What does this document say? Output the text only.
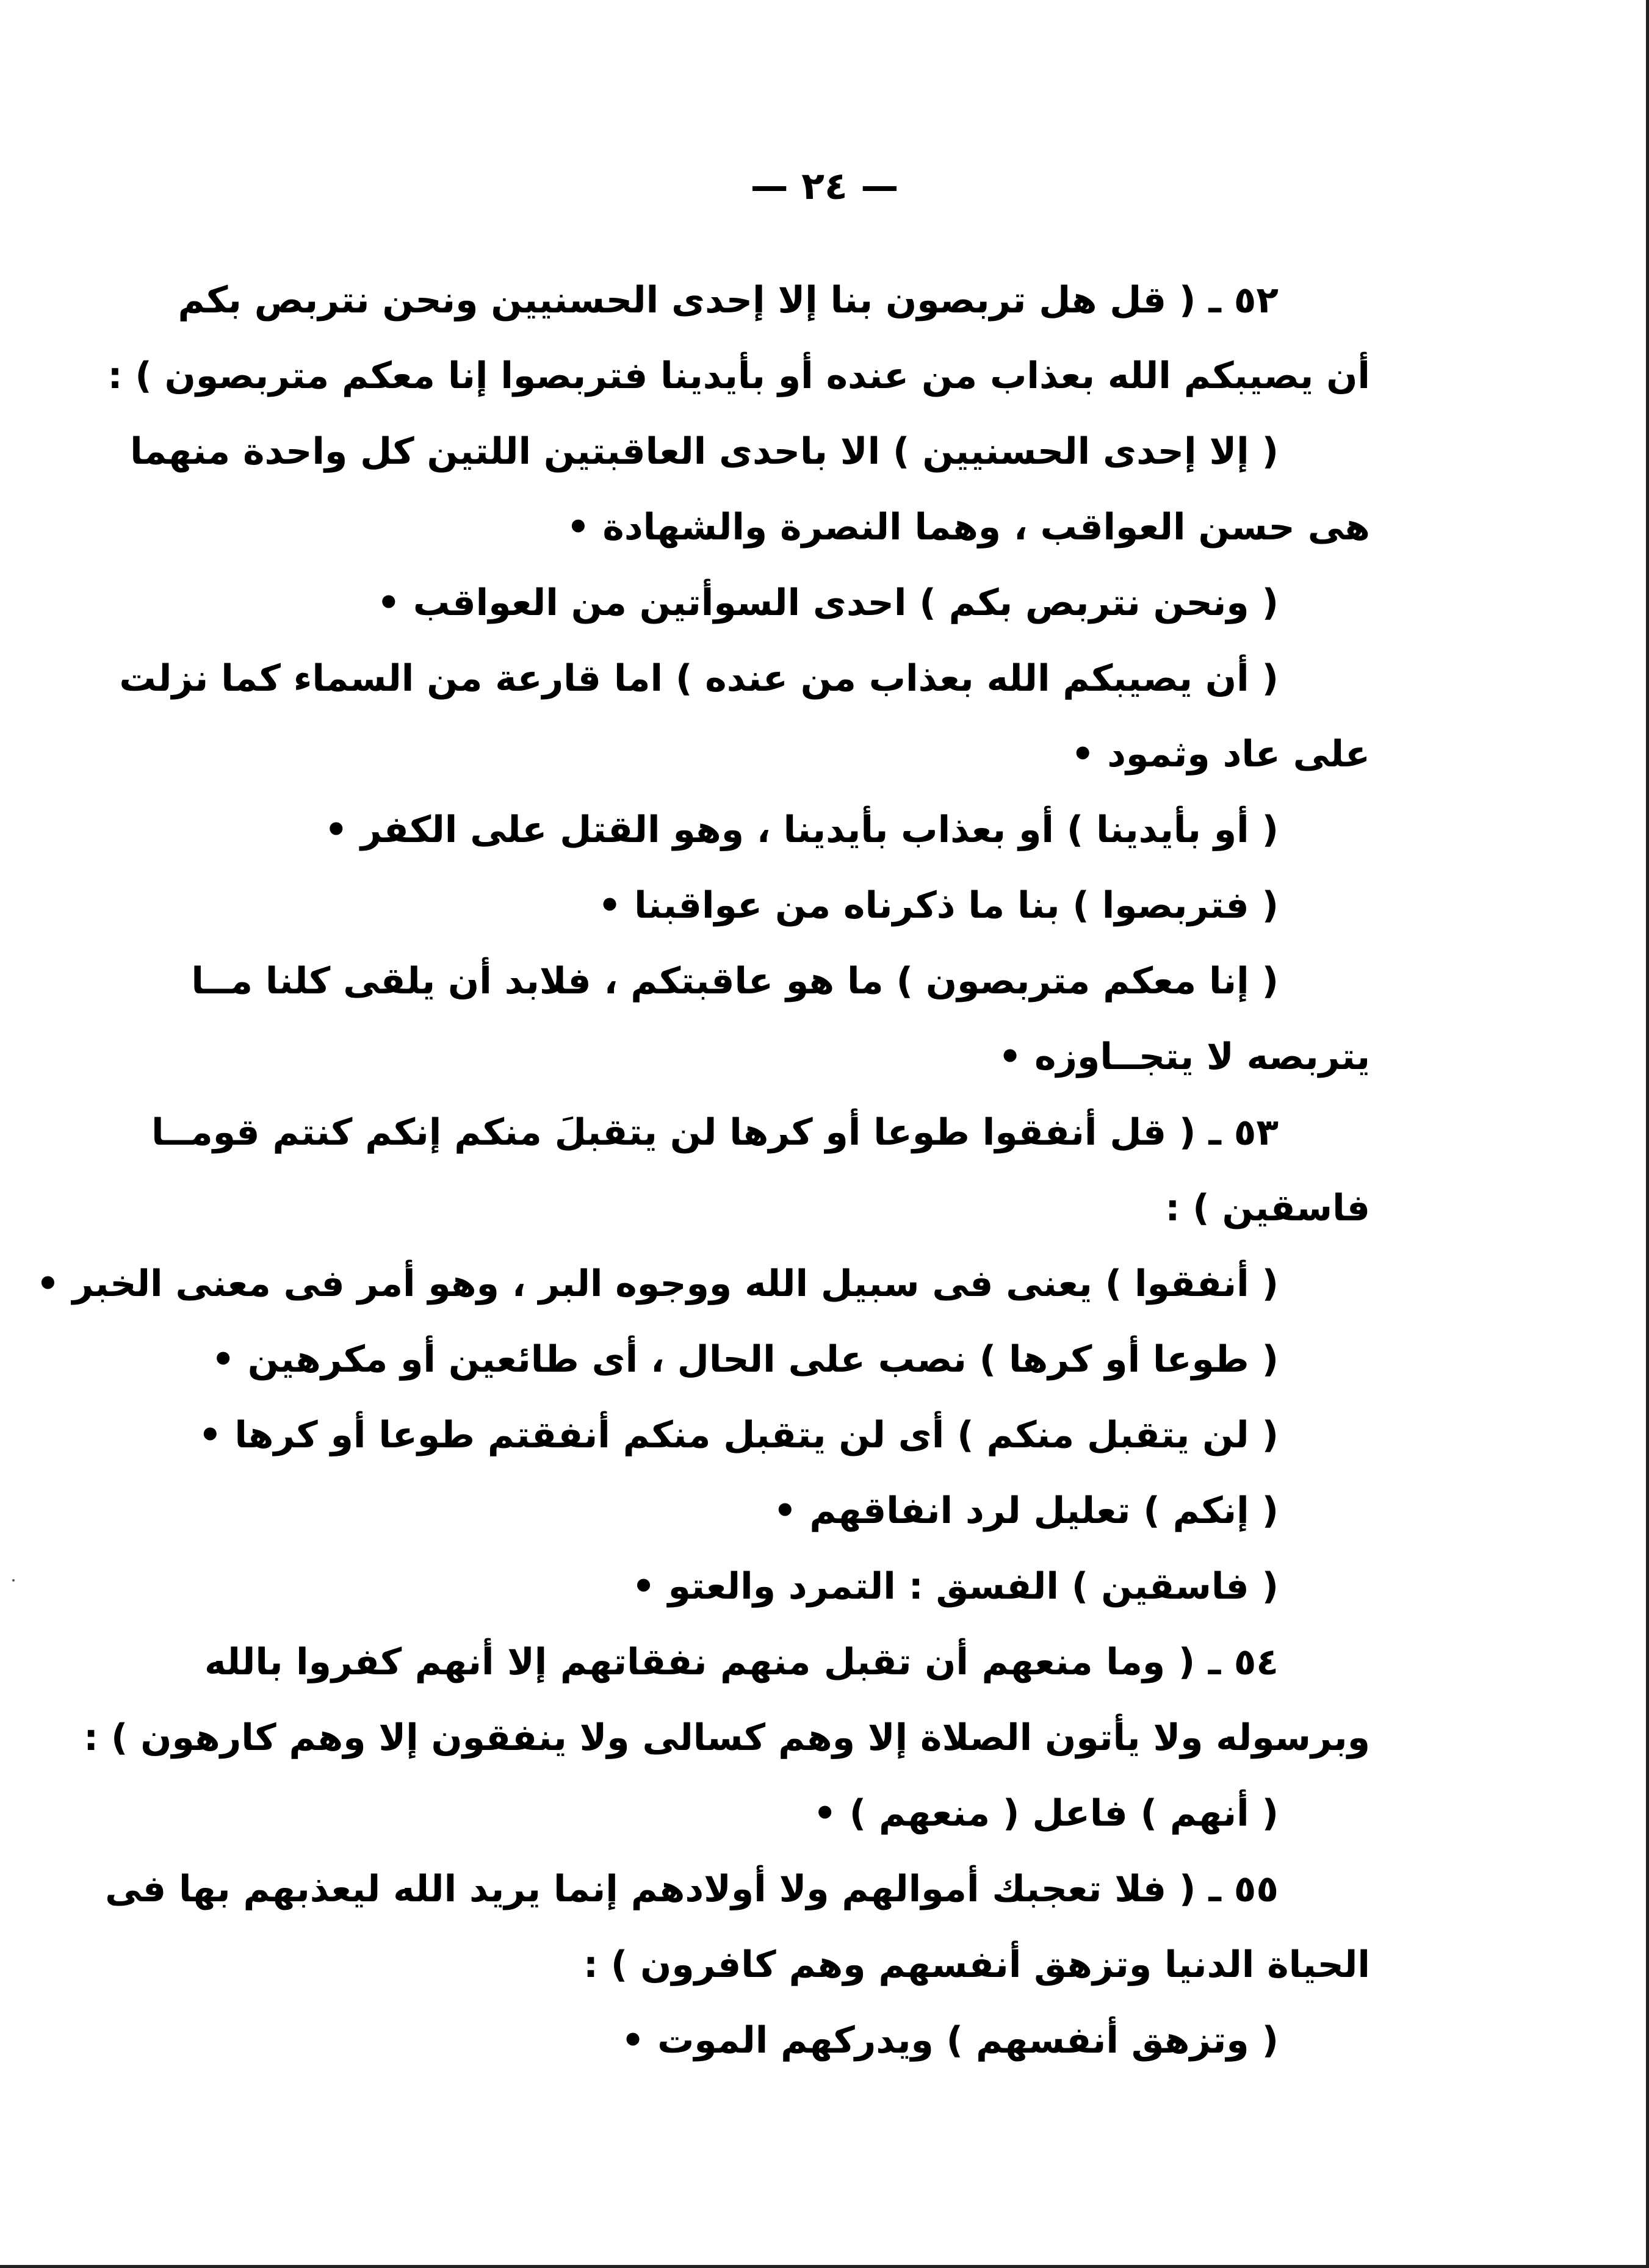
— ٢٤ —
٥٢ ـ ( قل هل تربصون بنا إلا إحدى الحسنيين ونحن نتربص بكم
أن يصيبكم الله بعذاب من عنده أو بأيدينا فتربصوا إنا معكم متربصون ) :
( إلا إحدى الحسنيين ) الا باحدى العاقبتين اللتين كل واحدة منهما
هى حسن العواقب ، وهما النصرة والشهادة •
( ونحن نتربص بكم ) احدى السوأتين من العواقب •
( أن يصيبكم الله بعذاب من عنده ) اما قارعة من السماء كما نزلت
على عاد وثمود •
( أو بأيدينا ) أو بعذاب بأيدينا ، وهو القتل على الكفر •
( فتربصوا ) بنا ما ذكرناه من عواقبنا •
( إنا معكم متربصون ) ما هو عاقبتكم ، فلابد أن يلقى كلنا مــا
يتربصه لا يتجــاوزه •
٥٣ ـ ( قل أنفقوا طوعا أو كرها لن يتقبلَ منكم إنكم كنتم قومــا
فاسقين ) :
( أنفقوا ) يعنى فى سبيل الله ووجوه البر ، وهو أمر فى معنى الخبر •
( طوعا أو كرها ) نصب على الحال ، أى طائعين أو مكرهين •
( لن يتقبل منكم ) أى لن يتقبل منكم أنفقتم طوعا أو كرها •
( إنكم ) تعليل لرد انفاقهم •
( فاسقين ) الفسق : التمرد والعتو •
٥٤ ـ ( وما منعهم أن تقبل منهم نفقاتهم إلا أنهم كفروا بالله
وبرسوله ولا يأتون الصلاة إلا وهم كسالى ولا ينفقون إلا وهم كارهون ) :
( أنهم ) فاعل ( منعهم ) •
٥٥ ـ ( فلا تعجبك أموالهم ولا أولادهم إنما يريد الله ليعذبهم بها فى
الحياة الدنيا وتزهق أنفسهم وهم كافرون ) :
( وتزهق أنفسهم ) ويدركهم الموت •
